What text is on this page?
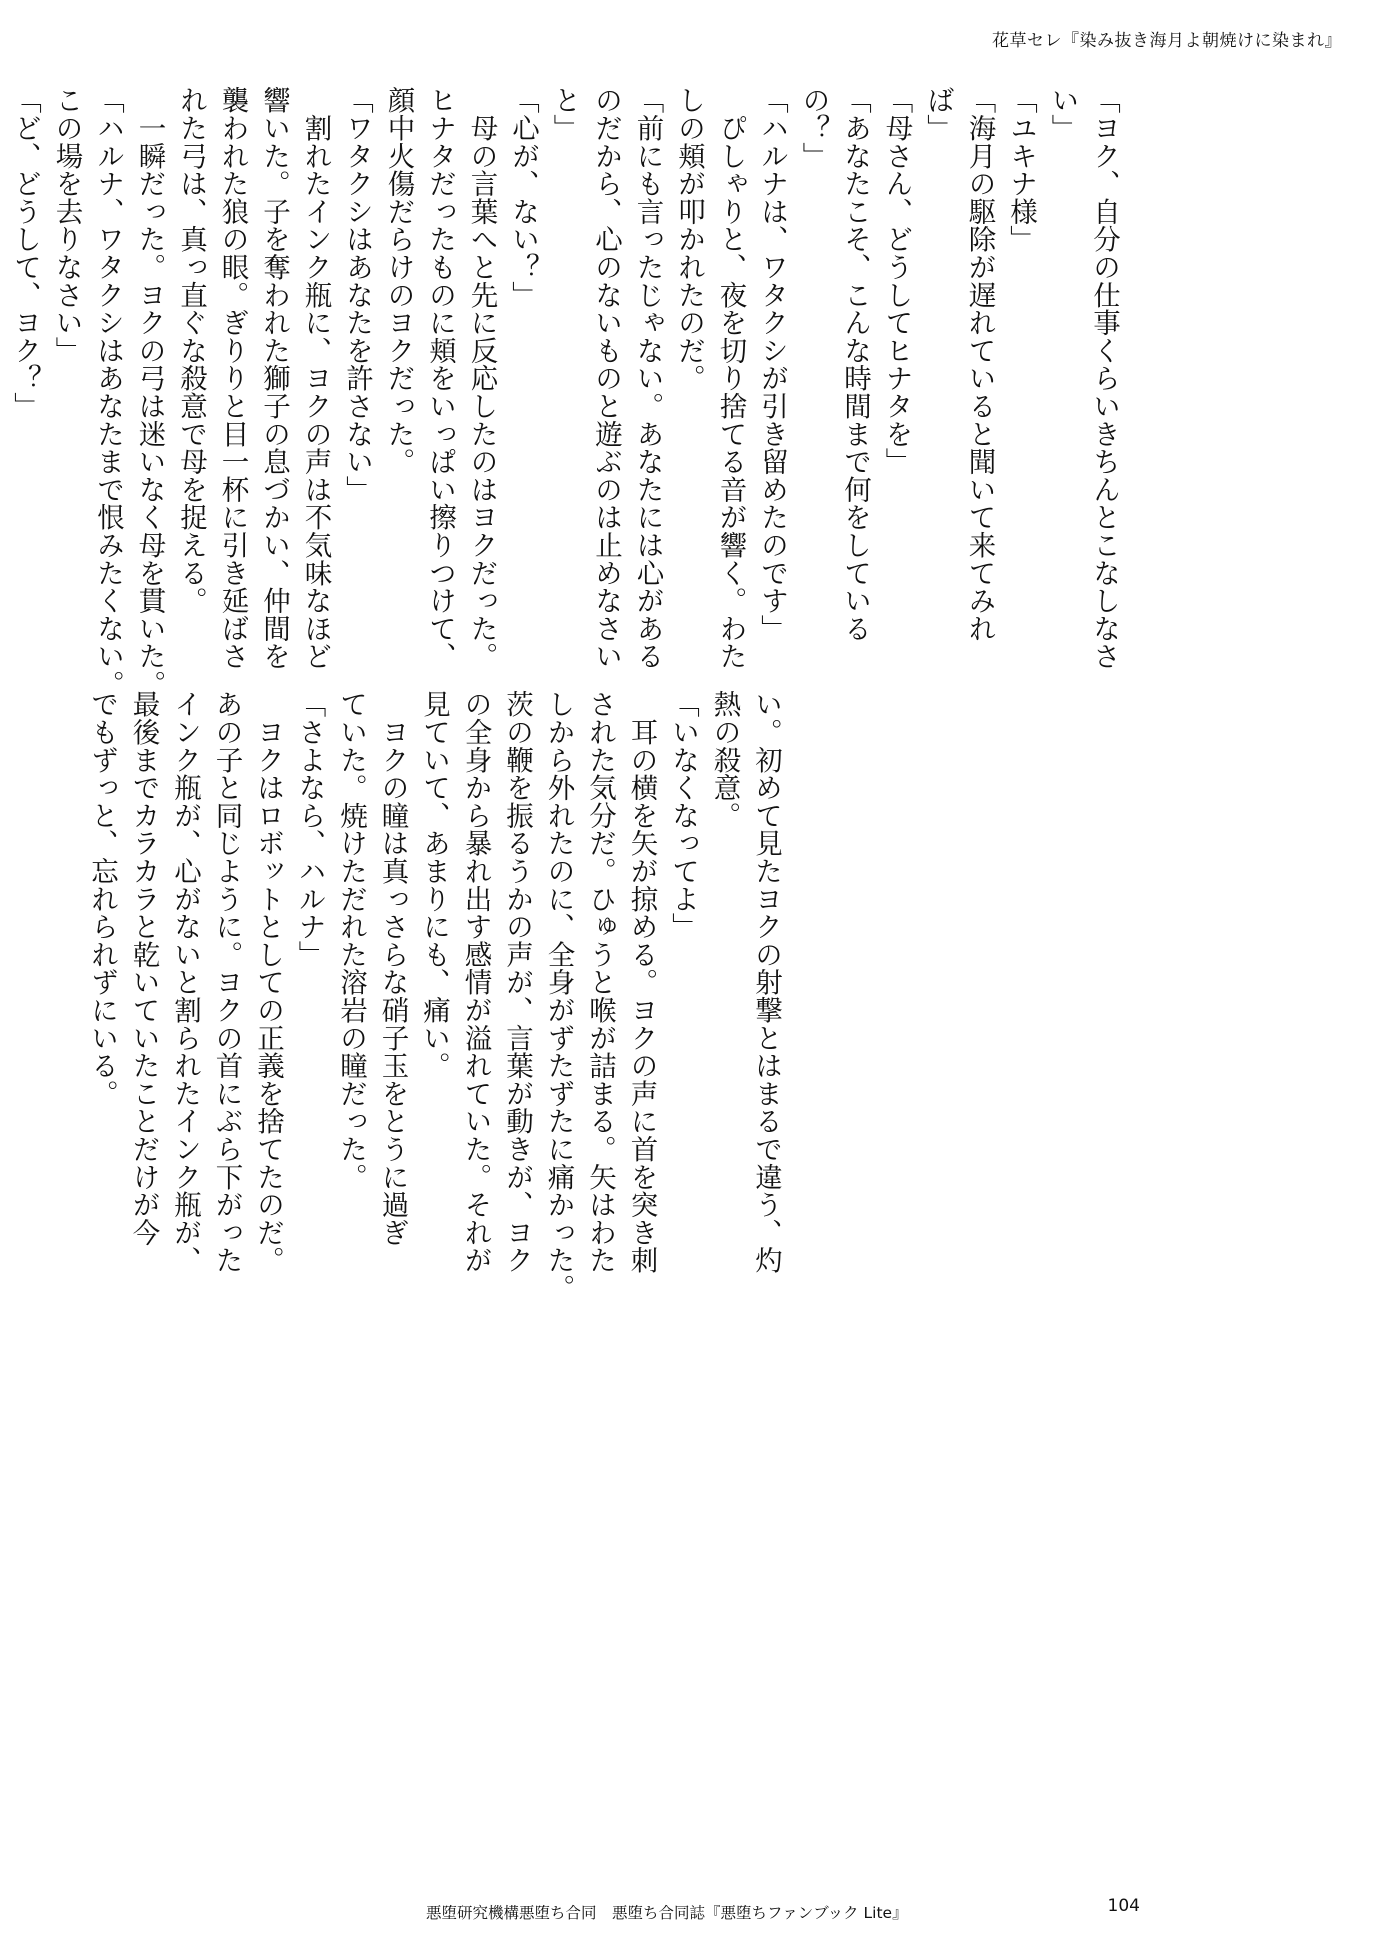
花草セレ『染み抜き海月よ朝焼けに染まれ』
「ヨク、自分の仕事くらいきちんとこなしなさ
い」
「ユキナ様」
「海月の駆除が遅れていると聞いて来てみれ
ば」
「母さん、どうしてヒナタを」
「あなたこそ、こんな時間まで何をしている
の？」
「ハルナは、ワタクシが引き留めたのです」
　ぴしゃりと、夜を切り捨てる音が響く。わた
しの頬が叩かれたのだ。
「前にも言ったじゃない。あなたには心がある
のだから、心のないものと遊ぶのは止めなさい
と」
「心が、ない？」
　母の言葉へと先に反応したのはヨクだった。
ヒナタだったものに頬をいっぱい擦りつけて、
顔中火傷だらけのヨクだった。
「ワタクシはあなたを許さない」
　割れたインク瓶に、ヨクの声は不気味なほど
響いた。子を奪われた獅子の息づかい、仲間を
襲われた狼の眼。ぎりりと目一杯に引き延ばさ
れた弓は、真っ直ぐな殺意で母を捉える。
　一瞬だった。ヨクの弓は迷いなく母を貫いた。
「ハルナ、ワタクシはあなたまで恨みたくない。
この場を去りなさい」
「ど、どうして、ヨク？」
い。初めて見たヨクの射撃とはまるで違う、灼
熱の殺意。
「いなくなってよ」
　耳の横を矢が掠める。ヨクの声に首を突き刺
された気分だ。ひゅうと喉が詰まる。矢はわた
しから外れたのに、全身がずたずたに痛かった。
茨の鞭を振るうかの声が、言葉が動きが、ヨク
の全身から暴れ出す感情が溢れていた。それが
見ていて、あまりにも、痛い。
　ヨクの瞳は真っさらな硝子玉をとうに過ぎ
ていた。焼けただれた溶岩の瞳だった。
「さよなら、ハルナ」
　ヨクはロボットとしての正義を捨てたのだ。
あの子と同じように。ヨクの首にぶら下がった
インク瓶が、心がないと割られたインク瓶が、
最後までカラカラと乾いていたことだけが今
でもずっと、忘れられずにいる。
悪堕研究機構悪堕ち合同　悪堕ち合同誌『悪堕ちファンブック Lite』	104
